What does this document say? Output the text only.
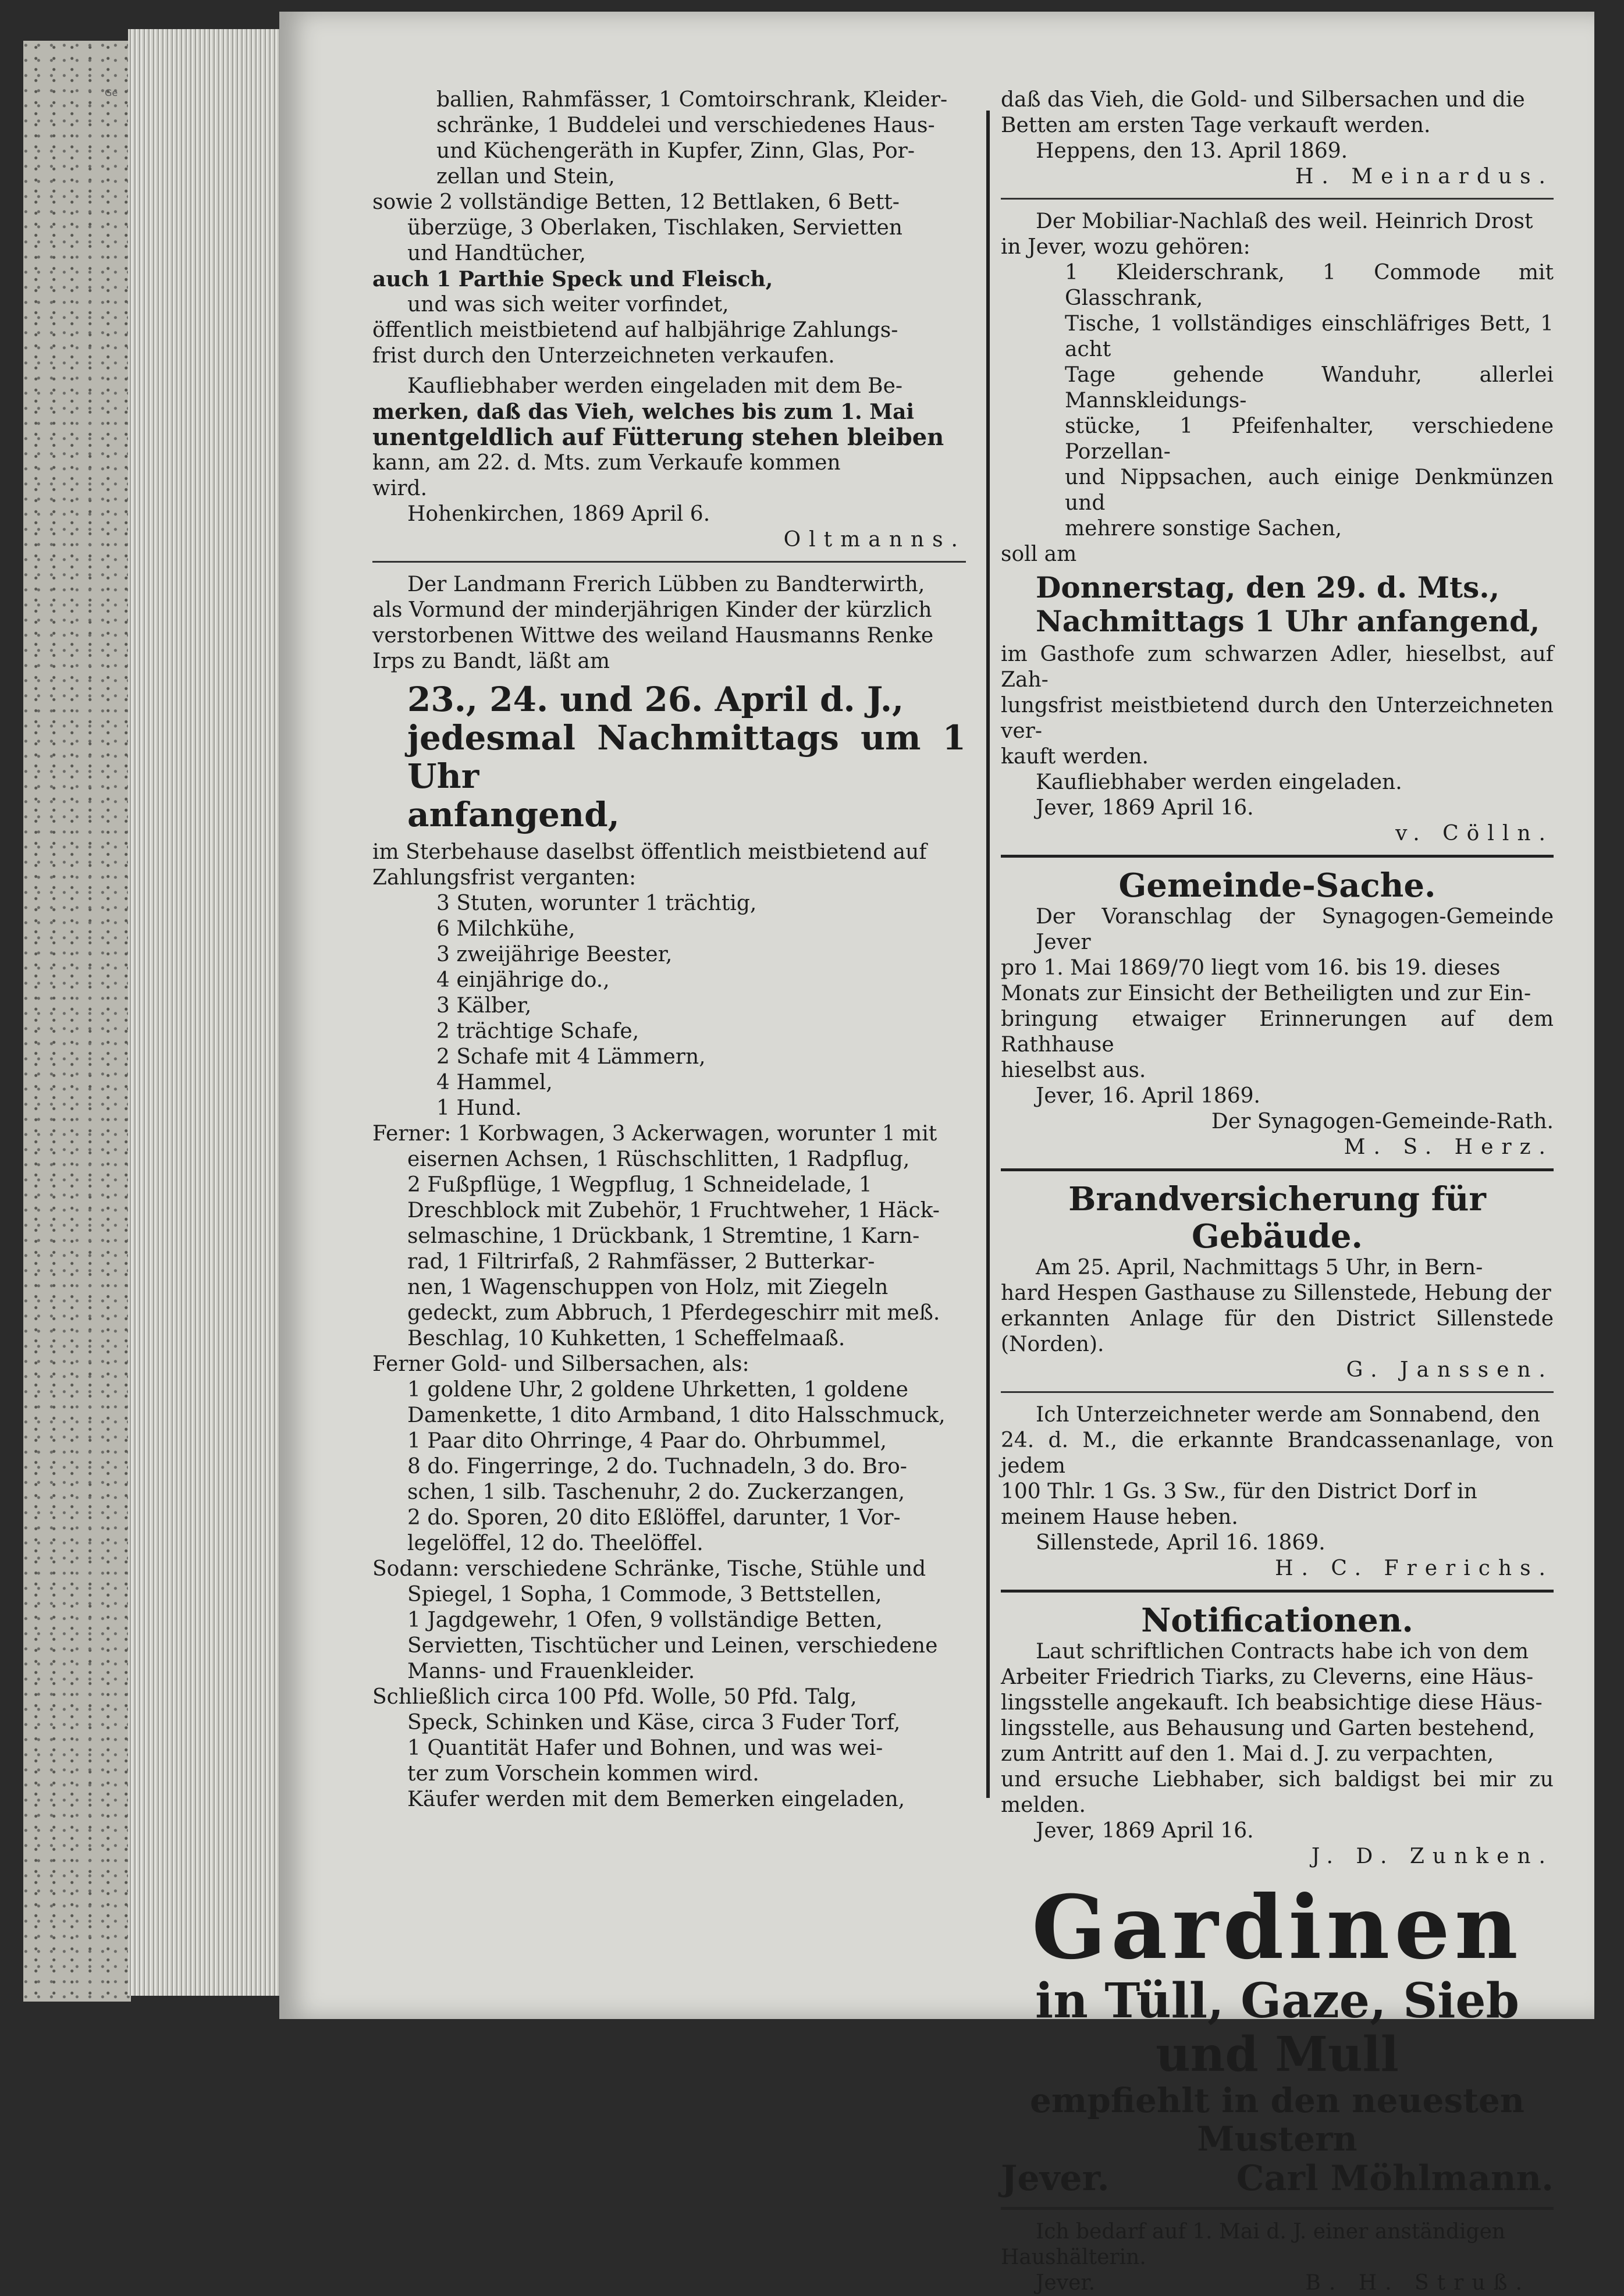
Ge	ballien, Rahmfässer, 1 Comtoirschrank, Kleider-

schränke, 1 Buddelei und verschiedenes Haus-

und Küchengeräth in Kupfer, Zinn, Glas, Por-

zellan und Stein,

sowie 2 vollständige Betten, 12 Bettlaken, 6 Bett-

überzüge, 3 Oberlaken, Tischlaken, Servietten

und Handtücher,

auch 1 Parthie Speck und Fleisch,

und was sich weiter vorfindet,

öffentlich meistbietend auf halbjährige Zahlungs-

frist durch den Unterzeichneten verkaufen.

Kaufliebhaber werden eingeladen mit dem Be-

merken, daß das Vieh, welches bis zum 1. Mai

unentgeldlich auf Fütterung stehen bleiben

kann, am 22. d. Mts. zum Verkaufe kommen

wird.

Hohenkirchen, 1869 April 6.

Oltmanns.

Der Landmann Frerich Lübben zu Bandterwirth,

als Vormund der minderjährigen Kinder der kürzlich

verstorbenen Wittwe des weiland Hausmanns Renke

Irps zu Bandt, läßt am

23., 24. und 26. April d. J.,

jedesmal Nachmittags um 1 Uhr

anfangend,

im Sterbehause daselbst öffentlich meistbietend auf

Zahlungsfrist verganten:

3 Stuten, worunter 1 trächtig,

6 Milchkühe,

3 zweijährige Beester,

4 einjährige do.,

3 Kälber,

2 trächtige Schafe,

2 Schafe mit 4 Lämmern,

4 Hammel,

1 Hund.

Ferner: 1 Korbwagen, 3 Ackerwagen, worunter 1 mit

eisernen Achsen, 1 Rüschschlitten, 1 Radpflug,

2 Fußpflüge, 1 Wegpflug, 1 Schneidelade, 1

Dreschblock mit Zubehör, 1 Fruchtweher, 1 Häck-

selmaschine, 1 Drückbank, 1 Stremtine, 1 Karn-

rad, 1 Filtrirfaß, 2 Rahmfässer, 2 Butterkar-

nen, 1 Wagenschuppen von Holz, mit Ziegeln

gedeckt, zum Abbruch, 1 Pferdegeschirr mit meß.

Beschlag, 10 Kuhketten, 1 Scheffelmaaß.

Ferner Gold- und Silbersachen, als:

1 goldene Uhr, 2 goldene Uhrketten, 1 goldene

Damenkette, 1 dito Armband, 1 dito Halsschmuck,

1 Paar dito Ohrringe, 4 Paar do. Ohrbummel,

8 do. Fingerringe, 2 do. Tuchnadeln, 3 do. Bro-

schen, 1 silb. Taschenuhr, 2 do. Zuckerzangen,

2 do. Sporen, 20 dito Eßlöffel, darunter, 1 Vor-

legelöffel, 12 do. Theelöffel.

Sodann: verschiedene Schränke, Tische, Stühle und

Spiegel, 1 Sopha, 1 Commode, 3 Bettstellen,

1 Jagdgewehr, 1 Ofen, 9 vollständige Betten,

Servietten, Tischtücher und Leinen, verschiedene

Manns- und Frauenkleider.

Schließlich circa 100 Pfd. Wolle, 50 Pfd. Talg,

Speck, Schinken und Käse, circa 3 Fuder Torf,

1 Quantität Hafer und Bohnen, und was wei-

ter zum Vorschein kommen wird.

Käufer werden mit dem Bemerken eingeladen,

daß das Vieh, die Gold- und Silbersachen und die

Betten am ersten Tage verkauft werden.

Heppens, den 13. April 1869.

H. Meinardus.

Der Mobiliar-Nachlaß des weil. Heinrich Drost

in Jever, wozu gehören:

1 Kleiderschrank, 1 Commode mit Glasschrank,

Tische, 1 vollständiges einschläfriges Bett, 1 acht

Tage gehende Wanduhr, allerlei Mannskleidungs-

stücke, 1 Pfeifenhalter, verschiedene Porzellan-

und Nippsachen, auch einige Denkmünzen und

mehrere sonstige Sachen,

soll am

Donnerstag, den 29. d. Mts.,

Nachmittags 1 Uhr anfangend,

im Gasthofe zum schwarzen Adler, hieselbst, auf Zah-

lungsfrist meistbietend durch den Unterzeichneten ver-

kauft werden.

Kaufliebhaber werden eingeladen.

Jever, 1869 April 16.

v. Cölln.

Gemeinde-Sache.

Der Voranschlag der Synagogen-Gemeinde Jever

pro 1. Mai 1869/70 liegt vom 16. bis 19. dieses

Monats zur Einsicht der Betheiligten und zur Ein-

bringung etwaiger Erinnerungen auf dem Rathhause

hieselbst aus.

Jever, 16. April 1869.

Der Synagogen-Gemeinde-Rath.

M. S. Herz.

Brandversicherung für Gebäude.

Am 25. April, Nachmittags 5 Uhr, in Bern-

hard Hespen Gasthause zu Sillenstede, Hebung der

erkannten Anlage für den District Sillenstede (Norden).

G. Janssen.

Ich Unterzeichneter werde am Sonnabend, den

24. d. M., die erkannte Brandcassenanlage, von jedem

100 Thlr. 1 Gs. 3 Sw., für den District Dorf in

meinem Hause heben.

Sillenstede, April 16. 1869.

H. C. Frerichs.

Notificationen.

Laut schriftlichen Contracts habe ich von dem

Arbeiter Friedrich Tiarks, zu Cleverns, eine Häus-

lingsstelle angekauft. Ich beabsichtige diese Häus-

lingsstelle, aus Behausung und Garten bestehend,

zum Antritt auf den 1. Mai d. J. zu verpachten,

und ersuche Liebhaber, sich baldigst bei mir zu melden.

Jever, 1869 April 16.

J. D. Zunken.

Gardinen
in Tüll, Gaze, Sieb und Mull
empfiehlt in den neuesten Mustern
Jever.	Carl Möhlmann.

Ich bedarf auf 1. Mai d. J. einer anständigen

Haushälterin.

Jever.	B. H. Struß.
